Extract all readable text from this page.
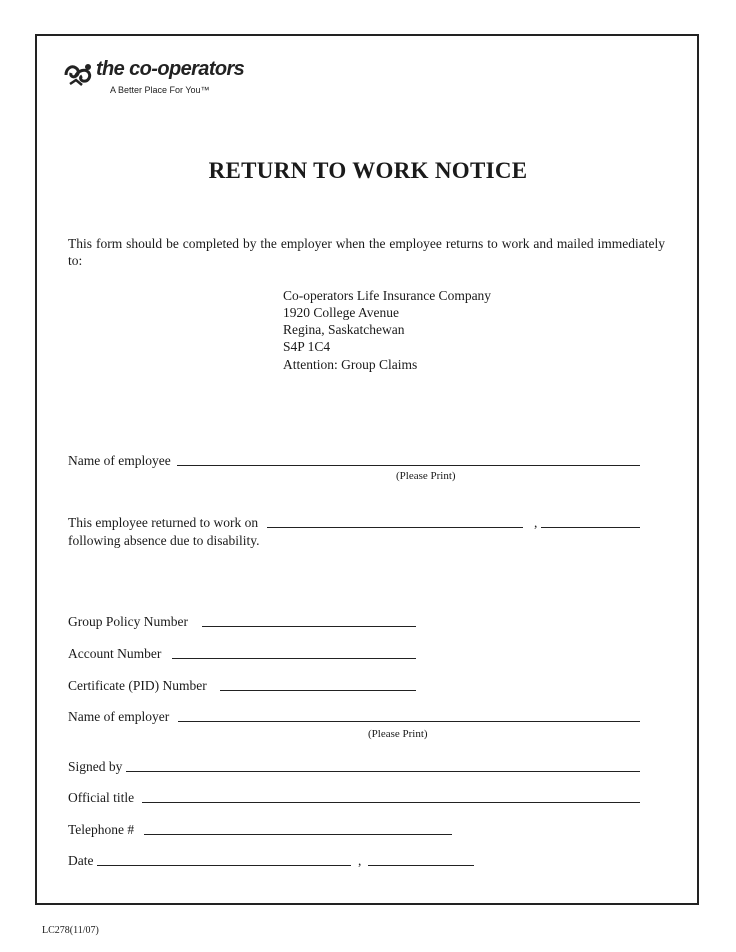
the co-operators
A Better Place For You™
RETURN TO WORK NOTICE
This form should be completed by the employer when the employee returns to work and mailed immediately to:
Co-operators Life Insurance Company
1920 College Avenue
Regina, Saskatchewan
S4P 1C4
Attention: Group Claims
Name of employee
(Please Print)
This employee returned to work on	,
following absence due to disability.
Group Policy Number
Account Number
Certificate (PID) Number
Name of employer
(Please Print)
Signed by
Official title
Telephone #
Date	,
LC278(11/07)
